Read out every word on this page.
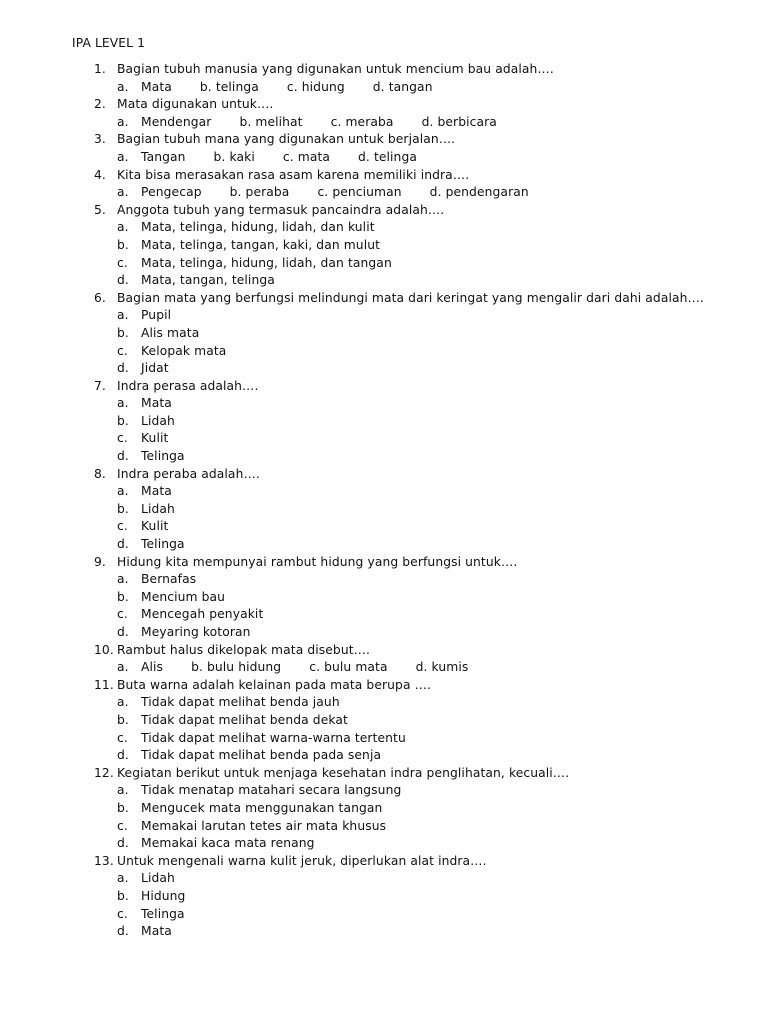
IPA LEVEL 1
1. Bagian tubuh manusia yang digunakan untuk mencium bau adalah….
a. Mata b. telinga c. hidung d. tangan
2. Mata digunakan untuk….
a. Mendengar b. melihat c. meraba d. berbicara
3. Bagian tubuh mana yang digunakan untuk berjalan….
a. Tangan b. kaki c. mata d. telinga
4. Kita bisa merasakan rasa asam karena memiliki indra….
a. Pengecap b. peraba c. penciuman d. pendengaran
5. Anggota tubuh yang termasuk pancaindra adalah….
a. Mata, telinga, hidung, lidah, dan kulit
b. Mata, telinga, tangan, kaki, dan mulut
c. Mata, telinga, hidung, lidah, dan tangan
d. Mata, tangan, telinga
6. Bagian mata yang berfungsi melindungi mata dari keringat yang mengalir dari dahi adalah….
a. Pupil
b. Alis mata
c. Kelopak mata
d. Jidat
7. Indra perasa adalah….
a. Mata
b. Lidah
c. Kulit
d. Telinga
8. Indra peraba adalah….
a. Mata
b. Lidah
c. Kulit
d. Telinga
9. Hidung kita mempunyai rambut hidung yang berfungsi untuk….
a. Bernafas
b. Mencium bau
c. Mencegah penyakit
d. Meyaring kotoran
10. Rambut halus dikelopak mata disebut….
a. Alis b. bulu hidung c. bulu mata d. kumis
11. Buta warna adalah kelainan pada mata berupa ….
a. Tidak dapat melihat benda jauh
b. Tidak dapat melihat benda dekat
c. Tidak dapat melihat warna-warna tertentu
d. Tidak dapat melihat benda pada senja
12. Kegiatan berikut untuk menjaga kesehatan indra penglihatan, kecuali….
a. Tidak menatap matahari secara langsung
b. Mengucek mata menggunakan tangan
c. Memakai larutan tetes air mata khusus
d. Memakai kaca mata renang
13. Untuk mengenali warna kulit jeruk, diperlukan alat indra….
a. Lidah
b. Hidung
c. Telinga
d. Mata
